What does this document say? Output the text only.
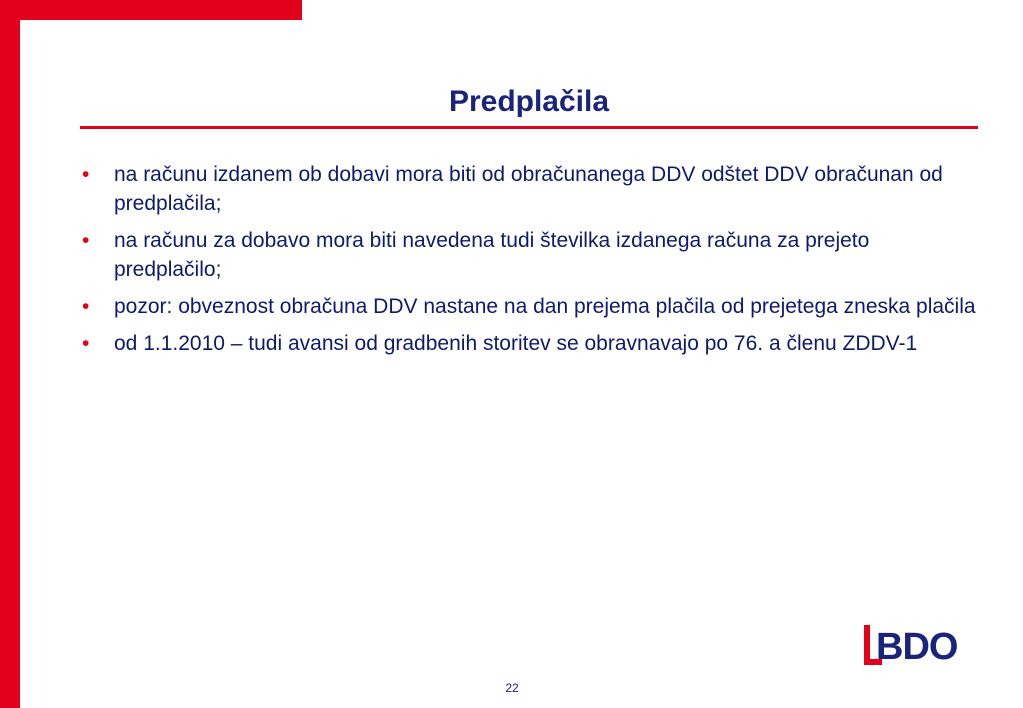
Predplačila
• na računu izdanem ob dobavi mora biti od obračunanega DDV odštet DDV obračunan od predplačila;
• na računu za dobavo mora biti navedena tudi številka izdanega računa za prejeto predplačilo;
• pozor: obveznost obračuna DDV nastane na dan prejema plačila od prejetega zneska plačila
• od 1.1.2010 – tudi avansi od gradbenih storitev se obravnavajo po 76. a členu ZDDV-1
BDO
22
